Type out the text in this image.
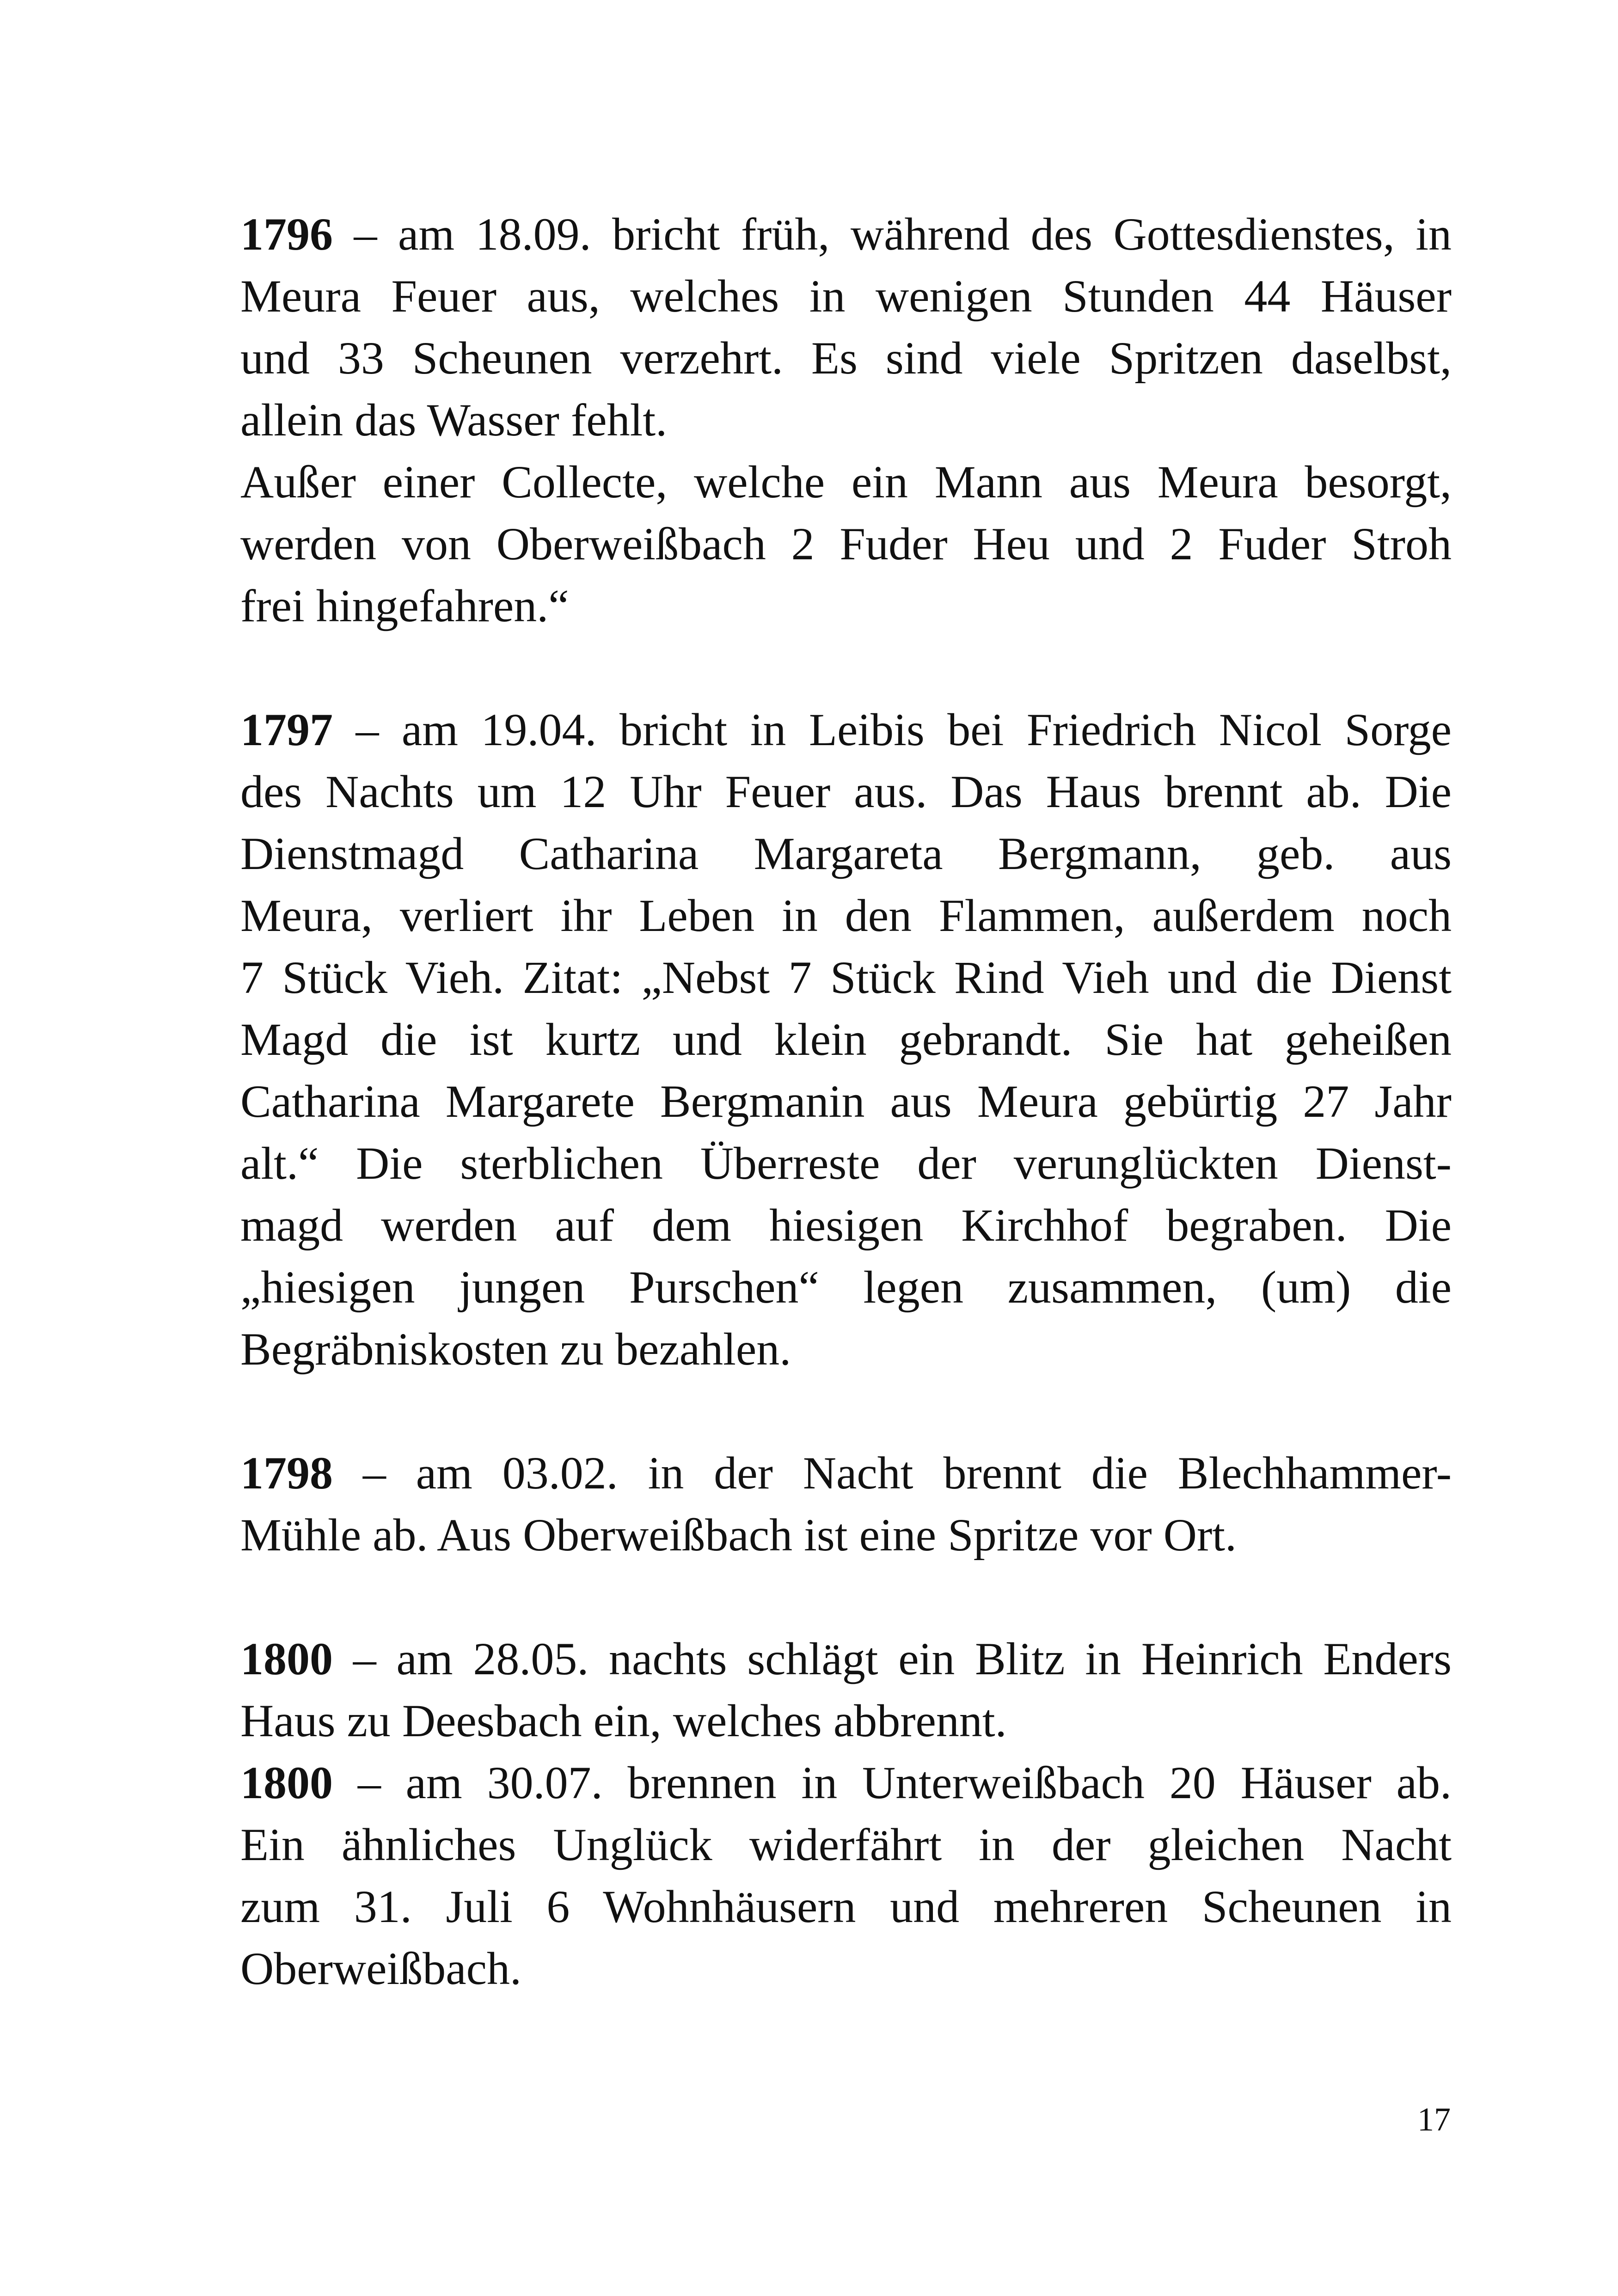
1796 – am 18.09. bricht früh, während des Gottesdienstes, in
Meura Feuer aus, welches in wenigen Stunden 44 Häuser
und 33 Scheunen verzehrt. Es sind viele Spritzen daselbst,
allein das Wasser fehlt.
Außer einer Collecte, welche ein Mann aus Meura besorgt,
werden von Oberweißbach 2 Fuder Heu und 2 Fuder Stroh
frei hingefahren.“
1797 – am 19.04. bricht in Leibis bei Friedrich Nicol Sorge
des Nachts um 12 Uhr Feuer aus. Das Haus brennt ab. Die
Dienstmagd Catharina Margareta Bergmann, geb. aus
Meura, verliert ihr Leben in den Flammen, außerdem noch
7 Stück Vieh. Zitat: „Nebst 7 Stück Rind Vieh und die Dienst
Magd die ist kurtz und klein gebrandt. Sie hat geheißen
Catharina Margarete Bergmanin aus Meura gebürtig 27 Jahr
alt.“ Die sterblichen Überreste der verunglückten Dienst-
magd werden auf dem hiesigen Kirchhof begraben. Die
„hiesigen jungen Purschen“ legen zusammen, (um) die
Begräbniskosten zu bezahlen.
1798 – am 03.02. in der Nacht brennt die Blechhammer-
Mühle ab. Aus Oberweißbach ist eine Spritze vor Ort.
1800 – am 28.05. nachts schlägt ein Blitz in Heinrich Enders
Haus zu Deesbach ein, welches abbrennt.
1800 – am 30.07. brennen in Unterweißbach 20 Häuser ab.
Ein ähnliches Unglück widerfährt in der gleichen Nacht
zum 31. Juli 6 Wohnhäusern und mehreren Scheunen in
Oberweißbach.
17
